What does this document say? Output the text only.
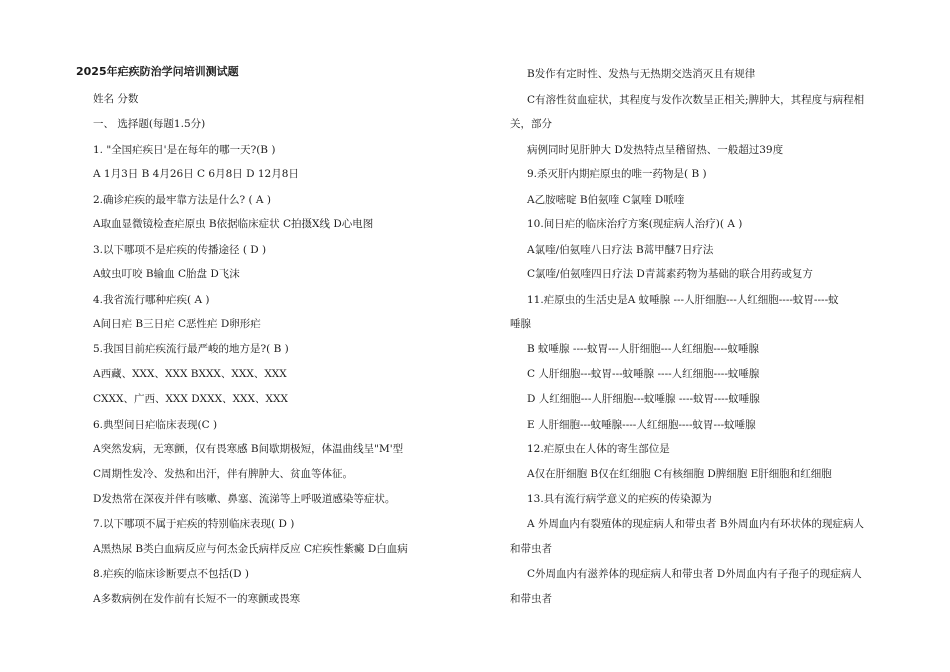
2025年疟疾防治学问培训测试题
姓名 分数
一、 选择题(每题1.5分)
1. "全国疟疾日'是在每年的哪一天?(B )
A 1月3日 B 4月26日 C 6月8日 D 12月8日
2.确诊疟疾的最牢靠方法是什么? ( A )
A取血显微镜检查疟原虫 B依据临床症状 C拍摄X线 D心电图
3.以下哪项不是疟疾的传播途径 ( D )
A蚊虫叮咬 B输血 C胎盘 D飞沫
4.我省流行哪种疟疾( A )
A间日疟 B三日疟 C恶性疟 D卵形疟
5.我国目前疟疾流行最严峻的地方是?( B )
A西藏、XXX、XXX BXXX、XXX、XXX
CXXX、广西、XXX DXXX、XXX、XXX
6.典型间日疟临床表现(C )
A突然发病，无寒颤，仅有畏寒感 B间歇期极短，体温曲线呈"M'型
C周期性发冷、发热和出汗，伴有脾肿大、贫血等体征。
D发热常在深夜并伴有咳嗽、鼻塞、流涕等上呼吸道感染等症状。
7.以下哪项不属于疟疾的特别临床表现( D )
A黑热尿 B类白血病反应与何杰金氏病样反应 C疟疾性紫癜 D白血病
8.疟疾的临床诊断要点不包括(D )
A多数病例在发作前有长短不一的寒颤或畏寒
B发作有定时性、发热与无热期交迭消灭且有规律
C有溶性贫血症状，其程度与发作次数呈正相关;脾肿大，其程度与病程相
关，部分
病例同时见肝肿大 D发热特点呈稽留热、一般超过39度
9.杀灭肝内期疟原虫的唯一药物是( B )
A乙胺嘧啶 B伯氨喹 C氯喹 D哌喹
10.间日疟的临床治疗方案(现症病人治疗)( A )
A氯喹/伯氨喹八日疗法 B蒿甲醚7日疗法
C氯喹/伯氨喹四日疗法 D青蒿素药物为基础的联合用药或复方
11.疟原虫的生活史是A 蚊唾腺 ---人肝细胞---人红细胞----蚊胃----蚊
唾腺
B 蚊唾腺 ----蚊胃---人肝细胞---人红细胞----蚊唾腺
C 人肝细胞---蚊胃---蚊唾腺 ----人红细胞----蚊唾腺
D 人红细胞---人肝细胞---蚊唾腺 ----蚊胃----蚊唾腺
E 人肝细胞---蚊唾腺----人红细胞----蚊胃---蚊唾腺
12.疟原虫在人体的寄生部位是
A仅在肝细胞 B仅在红细胞 C有核细胞 D脾细胞 E肝细胞和红细胞
13.具有流行病学意义的疟疾的传染源为
A 外周血内有裂殖体的现症病人和带虫者 B外周血内有环状体的现症病人
和带虫者
C外周血内有滋养体的现症病人和带虫者 D外周血内有子孢子的现症病人
和带虫者
